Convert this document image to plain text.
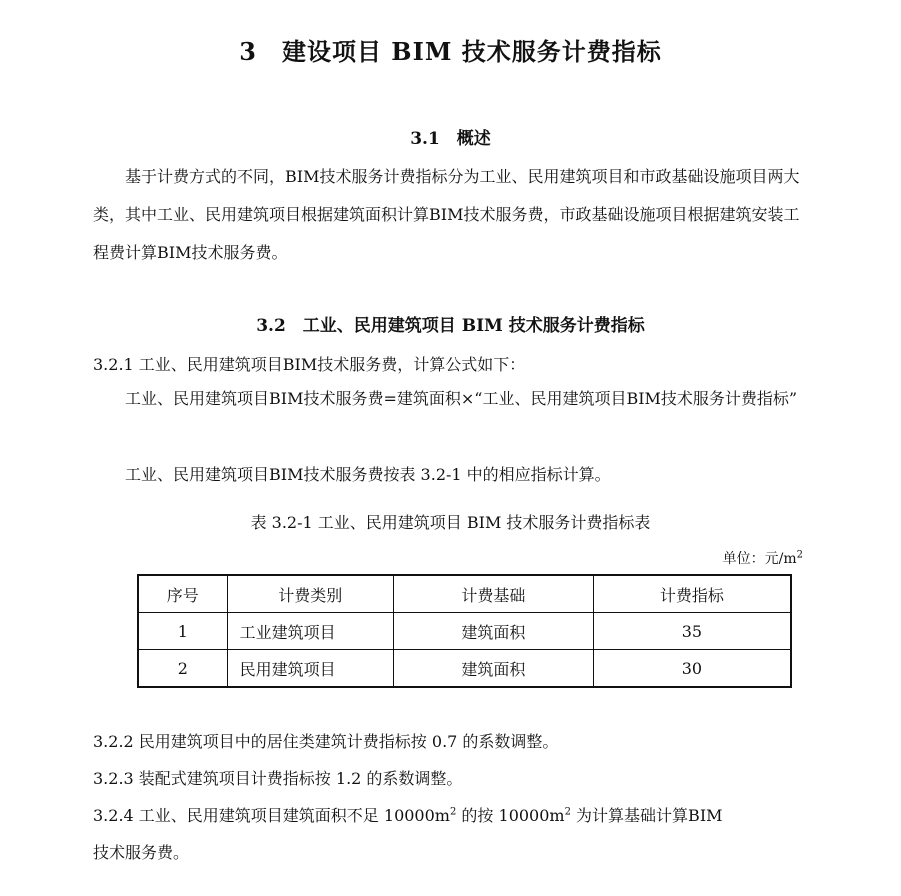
3　建设项目 BIM 技术服务计费指标
3.1　概述
基于计费方式的不同，BIM技术服务计费指标分为工业、民用建筑项目和市政基础设施项目两大类，其中工业、民用建筑项目根据建筑面积计算BIM技术服务费，市政基础设施项目根据建筑安装工程费计算BIM技术服务费。
3.2　工业、民用建筑项目 BIM 技术服务计费指标
3.2.1 工业、民用建筑项目BIM技术服务费，计算公式如下：
工业、民用建筑项目BIM技术服务费=建筑面积×“工业、民用建筑项目BIM技术服务计费指标”
工业、民用建筑项目BIM技术服务费按表 3.2-1 中的相应指标计算。
表 3.2-1 工业、民用建筑项目 BIM 技术服务计费指标表
单位：元$/m^2$
序号	计费类别	计费基础	计费指标
1	工业建筑项目	建筑面积	35
2	民用建筑项目	建筑面积	30
3.2.2 民用建筑项目中的居住类建筑计费指标按 0.7 的系数调整。
3.2.3 装配式建筑项目计费指标按 1.2 的系数调整。
3.2.4 工业、民用建筑项目建筑面积不足 $10000m^2$ 的按 $10000m^2$ 为计算基础计算BIM
技术服务费。
